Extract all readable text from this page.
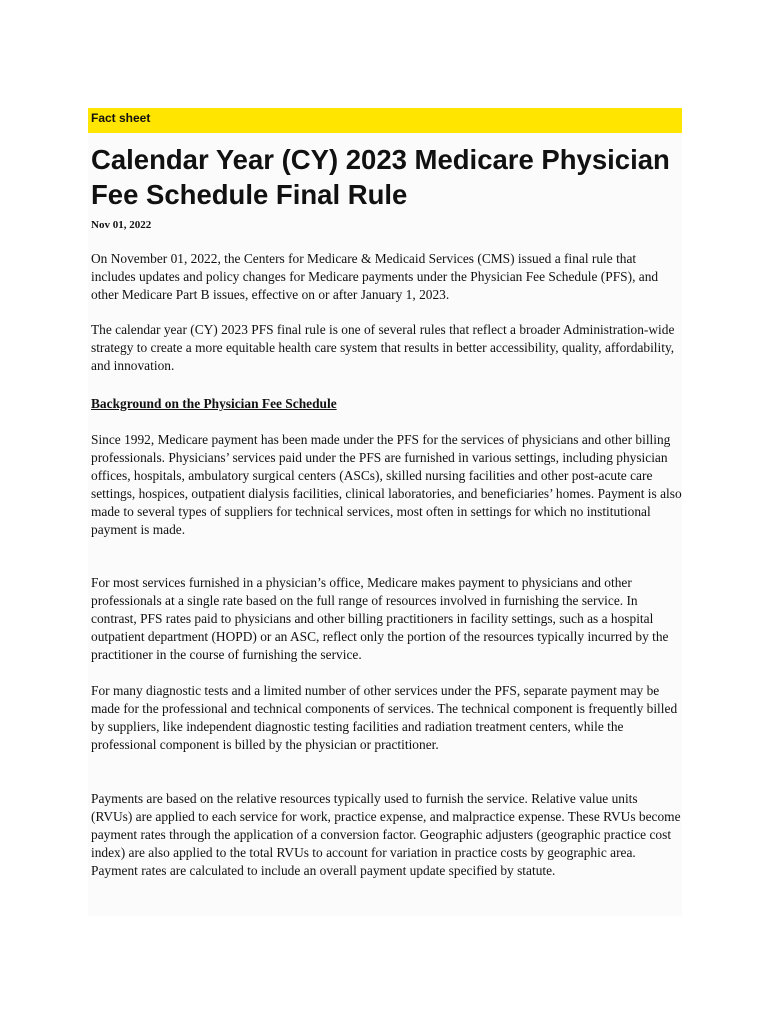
Fact sheet
Calendar Year (CY) 2023 Medicare Physician Fee Schedule Final Rule
Nov 01, 2022

On November 01, 2022, the Centers for Medicare & Medicaid Services (CMS) issued a final rule that includes updates and policy changes for Medicare payments under the Physician Fee Schedule (PFS), and other Medicare Part B issues, effective on or after January 1, 2023.

The calendar year (CY) 2023 PFS final rule is one of several rules that reflect a broader Administration-wide strategy to create a more equitable health care system that results in better accessibility, quality, affordability, and innovation.

Background on the Physician Fee Schedule

Since 1992, Medicare payment has been made under the PFS for the services of physicians and other billing professionals. Physicians’ services paid under the PFS are furnished in various settings, including physician offices, hospitals, ambulatory surgical centers (ASCs), skilled nursing facilities and other post-acute care settings, hospices, outpatient dialysis facilities, clinical laboratories, and beneficiaries’ homes. Payment is also made to several types of suppliers for technical services, most often in settings for which no institutional payment is made.

For most services furnished in a physician’s office, Medicare makes payment to physicians and other professionals at a single rate based on the full range of resources involved in furnishing the service. In contrast, PFS rates paid to physicians and other billing practitioners in facility settings, such as a hospital outpatient department (HOPD) or an ASC, reflect only the portion of the resources typically incurred by the practitioner in the course of furnishing the service.

For many diagnostic tests and a limited number of other services under the PFS, separate payment may be made for the professional and technical components of services. The technical component is frequently billed by suppliers, like independent diagnostic testing facilities and radiation treatment centers, while the professional component is billed by the physician or practitioner.

Payments are based on the relative resources typically used to furnish the service. Relative value units (RVUs) are applied to each service for work, practice expense, and malpractice expense. These RVUs become payment rates through the application of a conversion factor. Geographic adjusters (geographic practice cost index) are also applied to the total RVUs to account for variation in practice costs by geographic area. Payment rates are calculated to include an overall payment update specified by statute.
